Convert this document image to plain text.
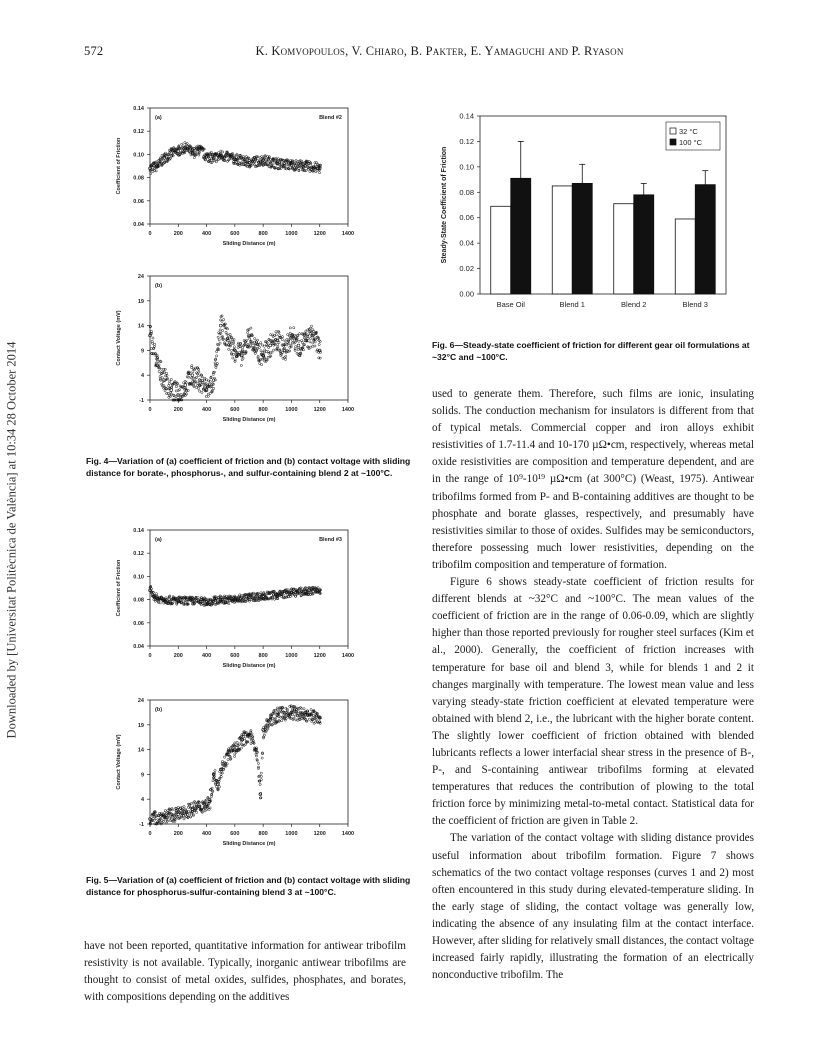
572	K. Komvopoulos, V. Chiaro, B. Pakter, E. Yamaguchi and P. Ryason
Downloaded by [Universitat Politècnica de València] at 10:34 28 October 2014
0.04
0.06
0.08
0.10
0.12
0.14
0	200	400	600	800	1000	1200	1400
Sliding Distance (m)
Coefficient of Friction
(a)	Blend #2
-1
4
9
14
19
24
0	200	400	600	800	1000	1200	1400
Sliding Distance (m)
Contact Voltage (mV)
(b)
Fig. 4—Variation of (a) coefficient of friction and (b) contact voltage with sliding distance for borate-, phosphorus-, and sulfur-containing blend 2 at ~100°C.
0.04
0.06
0.08
0.10
0.12
0.14
0	200	400	600	800	1000	1200	1400
Sliding Distance (m)
Coefficient of Friction
(a)	Blend #3
-1
4
9
14
19
24
0	200	400	600	800	1000	1200	1400
Sliding Distance (m)
Contact Voltage (mV)
(b)
Fig. 5—Variation of (a) coefficient of friction and (b) contact voltage with sliding distance for phosphorus-sulfur-containing blend 3 at ~100°C.
have not been reported, quantitative information for antiwear tribofilm resistivity is not available. Typically, inorganic antiwear tribofilms are thought to consist of metal oxides, sulfides, phosphates, and borates, with compositions depending on the additives
0.00
0.02
0.04
0.06
0.08
0.10
0.12
0.14
Steady-State Coefficient of Friction
Base Oil	Blend 1	Blend 2	Blend 3
32 °C
100 °C
Fig. 6—Steady-state coefficient of friction for different gear oil formulations at ~32°C and ~100°C.

used to generate them. Therefore, such films are ionic, insulating solids. The conduction mechanism for insulators is different from that of typical metals. Commercial copper and iron alloys exhibit resistivities of 1.7-11.4 and 10-170 µΩ•cm, respectively, whereas metal oxide resistivities are composition and temperature dependent, and are in the range of 10⁹-10¹⁹ µΩ•cm (at 300°C) (Weast, 1975). Antiwear tribofilms formed from P- and B-containing additives are thought to be phosphate and borate glasses, respectively, and presumably have resistivities similar to those of oxides. Sulfides may be semiconductors, therefore possessing much lower resistivities, depending on the tribofilm composition and temperature of formation.

Figure 6 shows steady-state coefficient of friction results for different blends at ~32°C and ~100°C. The mean values of the coefficient of friction are in the range of 0.06-0.09, which are slightly higher than those reported previously for rougher steel surfaces (Kim et al., 2000). Generally, the coefficient of friction increases with temperature for base oil and blend 3, while for blends 1 and 2 it changes marginally with temperature. The lowest mean value and less varying steady-state friction coefficient at elevated temperature were obtained with blend 2, i.e., the lubricant with the higher borate content. The slightly lower coefficient of friction obtained with blended lubricants reflects a lower interfacial shear stress in the presence of B-, P-, and S-containing antiwear tribofilms forming at elevated temperatures that reduces the contribution of plowing to the total friction force by minimizing metal-to-metal contact. Statistical data for the coefficient of friction are given in Table 2.

The variation of the contact voltage with sliding distance provides useful information about tribofilm formation. Figure 7 shows schematics of the two contact voltage responses (curves 1 and 2) most often encountered in this study during elevated-temperature sliding. In the early stage of sliding, the contact voltage was generally low, indicating the absence of any insulating film at the contact interface. However, after sliding for relatively small distances, the contact voltage increased fairly rapidly, illustrating the formation of an electrically nonconductive tribofilm. The
